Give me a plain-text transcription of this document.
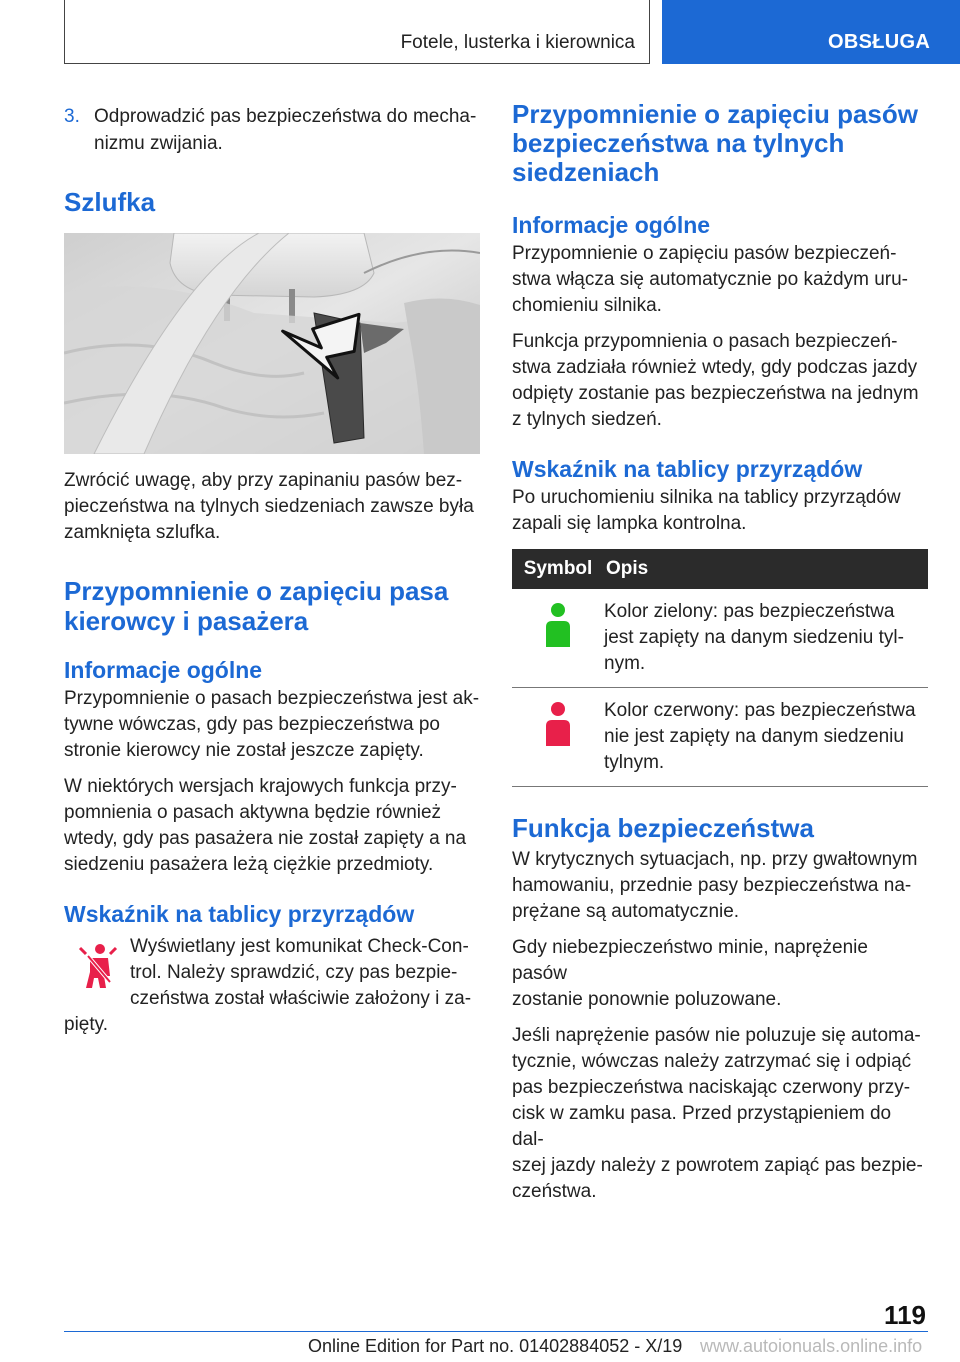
Fotele, lusterka i kierownica	OBSŁUGA
3. Odprowadzić pas bezpieczeństwa do mecha-
nizmu zwijania.
Szlufka
Zwrócić uwagę, aby przy zapinaniu pasów bez-
pieczeństwa na tylnych siedzeniach zawsze była
zamknięta szlufka.
Przypomnienie o zapięciu pasa
kierowcy i pasażera
Informacje ogólne
Przypomnienie o pasach bezpieczeństwa jest ak-
tywne wówczas, gdy pas bezpieczeństwa po
stronie kierowcy nie został jeszcze zapięty.
W niektórych wersjach krajowych funkcja przy-
pomnienia o pasach aktywna będzie również
wtedy, gdy pas pasażera nie został zapięty a na
siedzeniu pasażera leżą ciężkie przedmioty.
Wskaźnik na tablicy przyrządów
Wyświetlany jest komunikat Check-Con-
trol. Należy sprawdzić, czy pas bezpie-
czeństwa został właściwie założony i za-
pięty.
Przypomnienie o zapięciu pasów
bezpieczeństwa na tylnych
siedzeniach
Informacje ogólne
Przypomnienie o zapięciu pasów bezpieczeń-
stwa włącza się automatycznie po każdym uru-
chomieniu silnika.
Funkcja przypomnienia o pasach bezpieczeń-
stwa zadziała również wtedy, gdy podczas jazdy
odpięty zostanie pas bezpieczeństwa na jednym
z tylnych siedzeń.
Wskaźnik na tablicy przyrządów
Po uruchomieniu silnika na tablicy przyrządów
zapali się lampka kontrolna.
Symbol	Opis

Kolor zielony: pas bezpieczeństwa
jest zapięty na danym siedzeniu tyl-
nym.

Kolor czerwony: pas bezpieczeństwa
nie jest zapięty na danym siedzeniu
tylnym.
Funkcja bezpieczeństwa
W krytycznych sytuacjach, np. przy gwałtownym
hamowaniu, przednie pasy bezpieczeństwa na-
prężane są automatycznie.
Gdy niebezpieczeństwo minie, naprężenie pasów
zostanie ponownie poluzowane.
Jeśli naprężenie pasów nie poluzuje się automa-
tycznie, wówczas należy zatrzymać się i odpiąć
pas bezpieczeństwa naciskając czerwony przy-
cisk w zamku pasa. Przed przystąpieniem do dal-
szej jazdy należy z powrotem zapiąć pas bezpie-
czeństwa.
119
Online Edition for Part no. 01402884052 - X/19 www.autoionuals.online.info
